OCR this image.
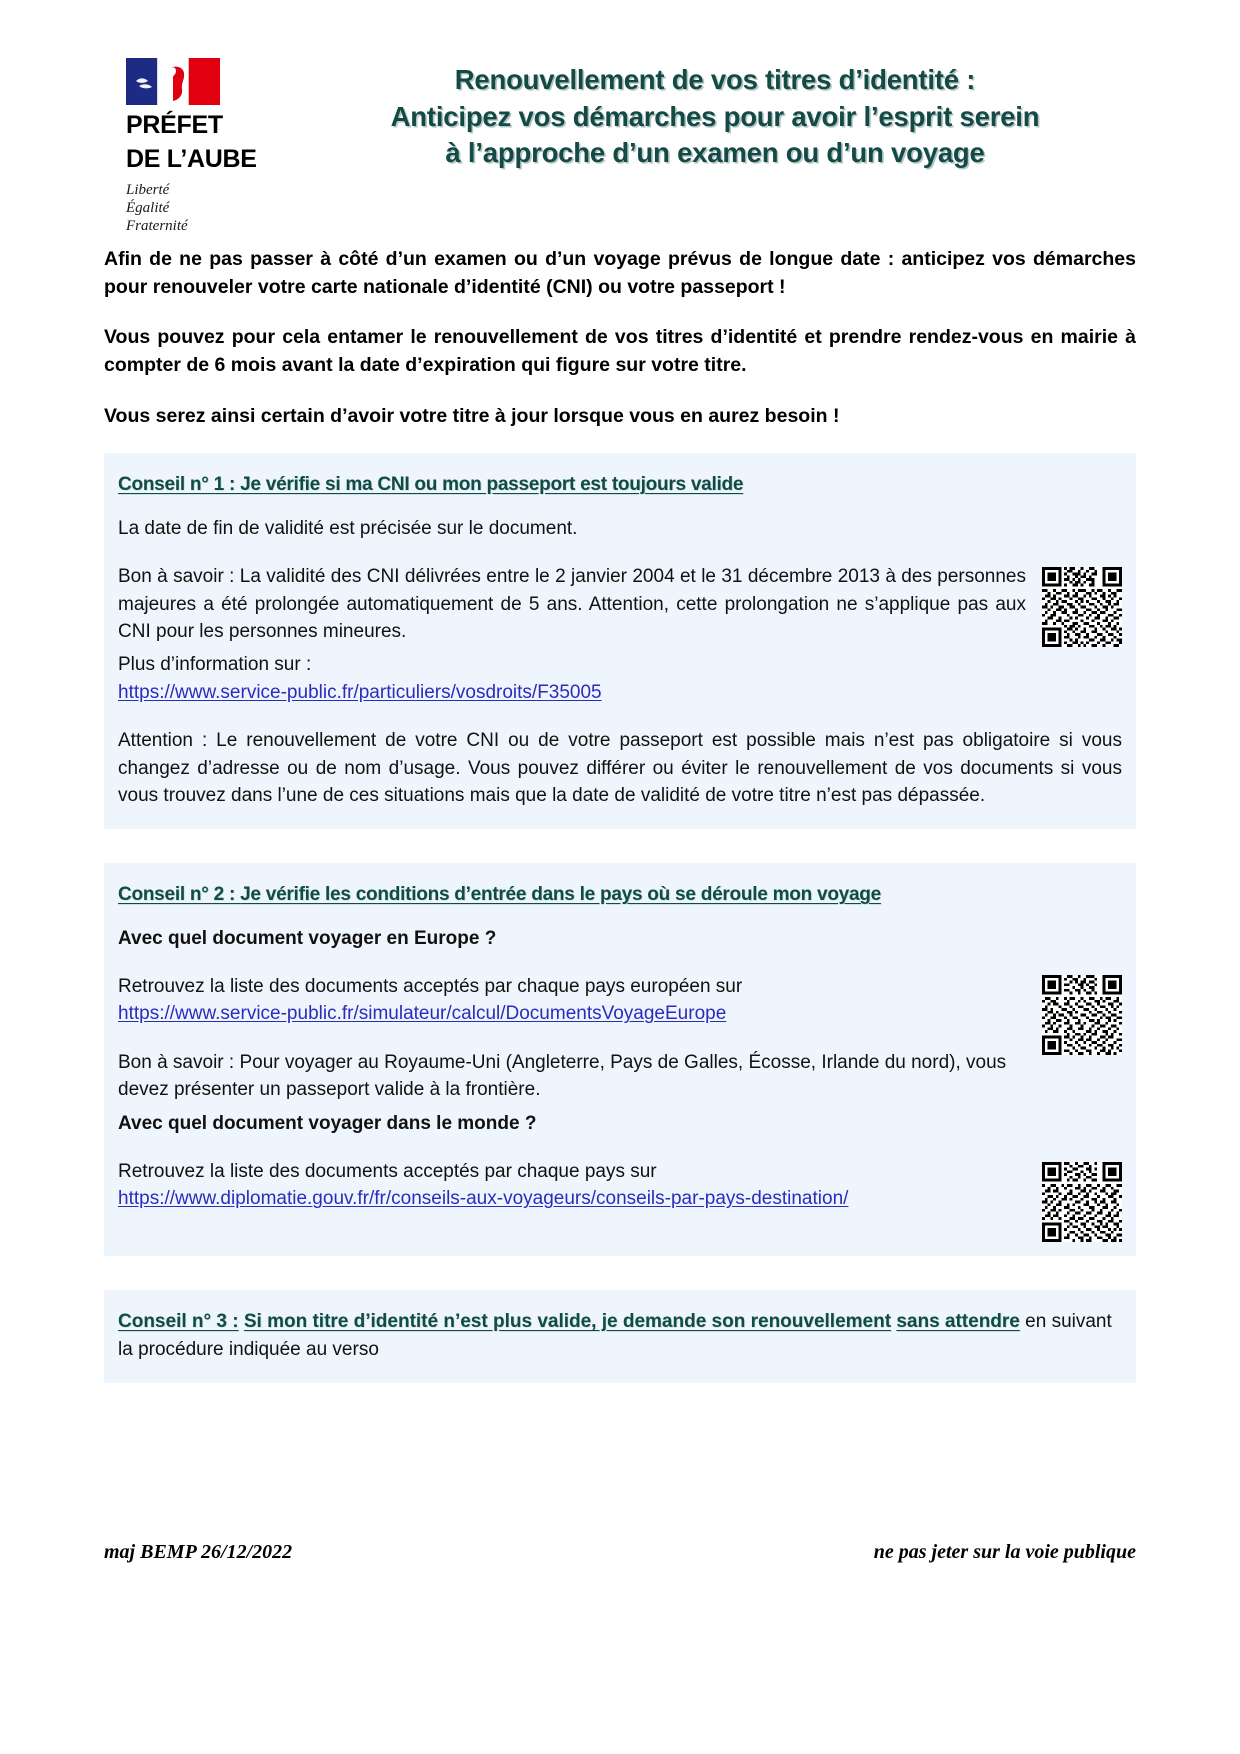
PRÉFET
DE L’AUBE
Liberté
Égalité
Fraternité
Renouvellement de vos titres d’identité :
Anticipez vos démarches pour avoir l’esprit serein
à l’approche d’un examen ou d’un voyage

Afin de ne pas passer à côté d’un examen ou d’un voyage prévus de longue date : anticipez vos démarches pour renouveler votre carte nationale d’identité (CNI) ou votre passeport !

Vous pouvez pour cela entamer le renouvellement de vos titres d’identité et prendre rendez-vous en mairie à compter de 6 mois avant la date d’expiration qui figure sur votre titre.

Vous serez ainsi certain d’avoir votre titre à jour lorsque vous en aurez besoin !

Conseil n° 1 : Je vérifie si ma CNI ou mon passeport est toujours valide

La date de fin de validité est précisée sur le document.

Bon à savoir : La validité des CNI délivrées entre le 2 janvier 2004 et le 31 décembre 2013 à des personnes majeures a été prolongée automatiquement de 5 ans. Attention, cette prolongation ne s’applique pas aux CNI pour les personnes mineures.

Plus d’information sur :
https://www.service-public.fr/particuliers/vosdroits/F35005

Attention : Le renouvellement de votre CNI ou de votre passeport est possible mais n’est pas obligatoire si vous changez d’adresse ou de nom d’usage. Vous pouvez différer ou éviter le renouvellement de vos documents si vous vous trouvez dans l’une de ces situations mais que la date de validité de votre titre n’est pas dépassée.

Conseil n° 2 : Je vérifie les conditions d’entrée dans le pays où se déroule mon voyage

Avec quel document voyager en Europe ?

Retrouvez la liste des documents acceptés par chaque pays européen sur
https://www.service-public.fr/simulateur/calcul/DocumentsVoyageEurope

Bon à savoir : Pour voyager au Royaume-Uni (Angleterre, Pays de Galles, Écosse, Irlande du nord), vous devez présenter un passeport valide à la frontière.

Avec quel document voyager dans le monde ?

Retrouvez la liste des documents acceptés par chaque pays sur
https://www.diplomatie.gouv.fr/fr/conseils-aux-voyageurs/conseils-par-pays-destination/

Conseil n° 3 : Si mon titre d’identité n’est plus valide, je demande son renouvellement sans attendre en suivant la procédure indiquée au verso
maj BEMP 26/12/2022	ne pas jeter sur la voie publique
